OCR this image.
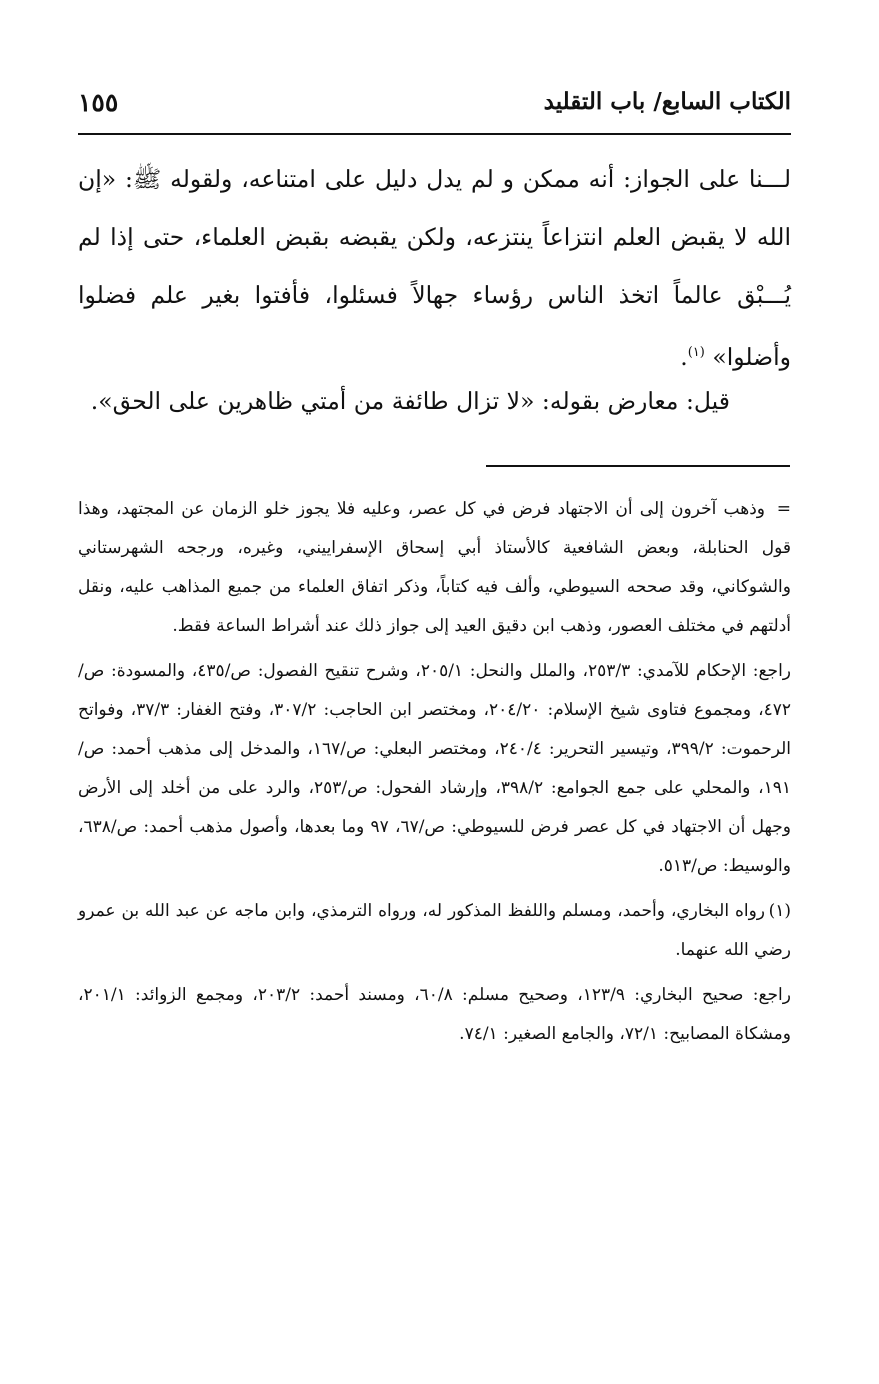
الكتاب السابع/ باب التقليد
١٥٥

لـــنا على الجواز: أنه ممكن و لم يدل دليل على امتناعه، ولقوله ﷺ: «إن الله لا يقبض العلم انتزاعاً ينتزعه، ولكن يقبضه بقبض العلماء، حتى إذا لم يُـــبْق عالماً اتخذ الناس رؤساء جهالاً فسئلوا، فأفتوا بغير علم فضلوا وأضلوا» $^{(١)}$.

قيل: معارض بقوله: «لا تزال طائفة من أمتي ظاهرين على الحق».

=وذهب آخرون إلى أن الاجتهاد فرض في كل عصر، وعليه فلا يجوز خلو الزمان عن المجتهد، وهذا قول الحنابلة، وبعض الشافعية كالأستاذ أبي إسحاق الإسفراييني، وغيره، ورجحه الشهرستاني والشوكاني، وقد صححه السيوطي، وألف فيه كتاباً، وذكر اتفاق العلماء من جميع المذاهب عليه، ونقل أدلتهم في مختلف العصور، وذهب ابن دقيق العيد إلى جواز ذلك عند أشراط الساعة فقط.

راجع: الإحكام للآمدي: ٢٥٣/٣، والملل والنحل: ٢٠٥/١، وشرح تنقيح الفصول: ص/٤٣٥، والمسودة: ص/٤٧٢، ومجموع فتاوى شيخ الإسلام: ٢٠٤/٢٠، ومختصر ابن الحاجب: ٣٠٧/٢، وفتح الغفار: ٣٧/٣، وفواتح الرحموت: ٣٩٩/٢، وتيسير التحرير: ٢٤٠/٤، ومختصر البعلي: ص/١٦٧، والمدخل إلى مذهب أحمد: ص/١٩١، والمحلي على جمع الجوامع: ٣٩٨/٢، وإرشاد الفحول: ص/٢٥٣، والرد على من أخلد إلى الأرض وجهل أن الاجتهاد في كل عصر فرض للسيوطي: ص/٦٧، ٩٧ وما بعدها، وأصول مذهب أحمد: ص/٦٣٨، والوسيط: ص/٥١٣.

(١)رواه البخاري، وأحمد، ومسلم واللفظ المذكور له، ورواه الترمذي، وابن ماجه عن عبد الله بن عمرو رضي الله عنهما.

راجع: صحيح البخاري: ١٢٣/٩، وصحيح مسلم: ٦٠/٨، ومسند أحمد: ٢٠٣/٢، ومجمع الزوائد: ٢٠١/١، ومشكاة المصابيح: ٧٢/١، والجامع الصغير: ٧٤/١.
